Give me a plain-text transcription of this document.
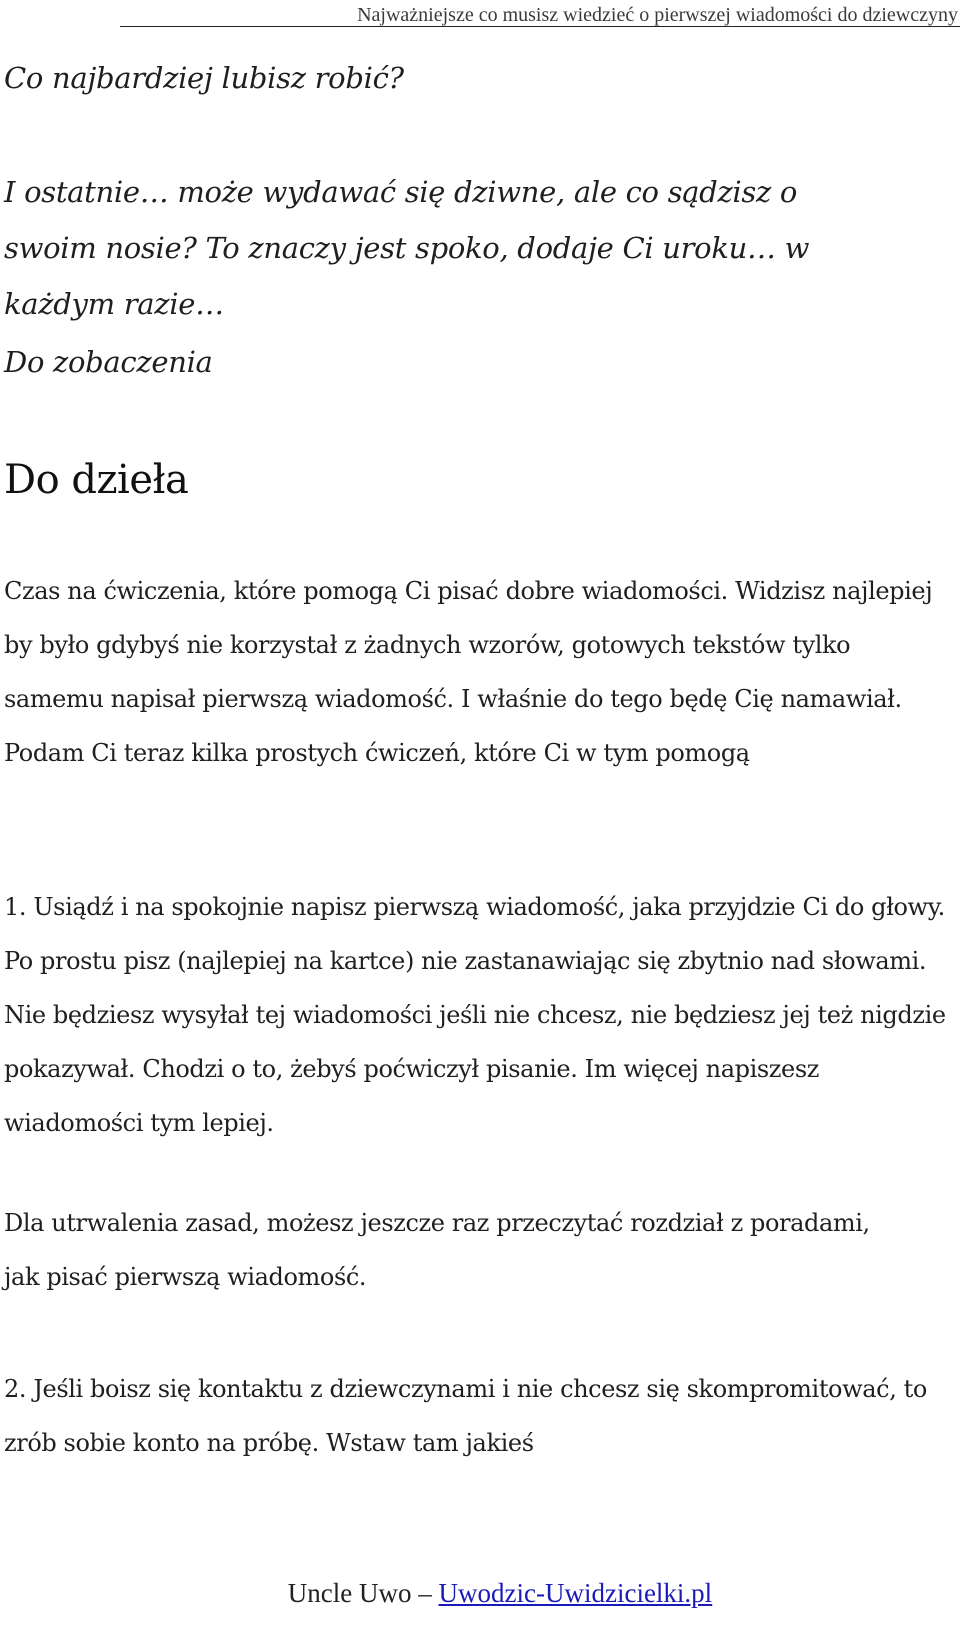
Najważniejsze co musisz wiedzieć o pierwszej wiadomości do dziewczyny

Co najbardziej lubisz robić?

I ostatnie… może wydawać się dziwne, ale co sądzisz o swoim nosie? To znaczy jest spoko, dodaje Ci uroku… w każdym razie…

Do zobaczenia

Do dzieła

Czas na ćwiczenia, które pomogą Ci pisać dobre wiadomości. Widzisz najlepiej by było gdybyś nie korzystał z żadnych wzorów, gotowych tekstów tylko samemu napisał pierwszą wiadomość. I właśnie do tego będę Cię namawiał. Podam Ci teraz kilka prostych ćwiczeń, które Ci w tym pomogą

1. Usiądź i na spokojnie napisz pierwszą wiadomość, jaka przyjdzie Ci do głowy. Po prostu pisz (najlepiej na kartce) nie zastanawiając się zbytnio nad słowami. Nie będziesz wysyłał tej wiadomości jeśli nie chcesz, nie będziesz jej też nigdzie pokazywał. Chodzi o to, żebyś poćwiczył pisanie. Im więcej napiszesz wiadomości tym lepiej.

Dla utrwalenia zasad, możesz jeszcze raz przeczytać rozdział z poradami, jak pisać pierwszą wiadomość.

2. Jeśli boisz się kontaktu z dziewczynami i nie chcesz się skompromitować, to zrób sobie konto na próbę. Wstaw tam jakieś

Uncle Uwo – Uwodzic-Uwidzicielki.pl
